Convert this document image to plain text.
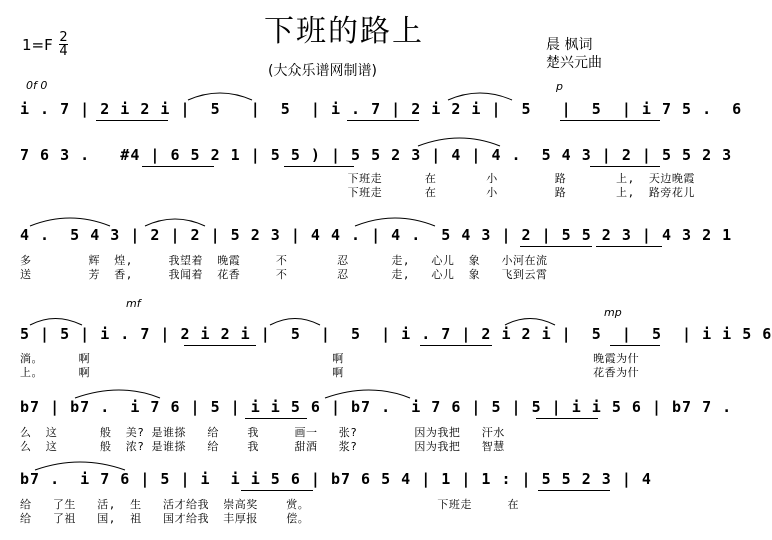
下班的路上
(大众乐谱网制谱)
1=F 2
4	晨 枫词
楚兴元曲
0f 0	p
mf
mp
i . 7 | 2 i 2 i |  5   |  5  | i . 7 | 2 i 2 i |  5   |  5  | i 7 5 .  6
7 6 3 .   #4 | 6 5 2 1 | 5 5 ) | 5 5 2 3 | 4 | 4 .  5 4 3 | 2 | 5 5 2 3
下班走      在       小        路       上,  天边晚霞
下班走      在       小        路       上,  路旁花儿
4 .  5 4 3 | 2 | 2 | 5 2 3 | 4 4 . | 4 .  5 4 3 | 2 | 5 5 2 3 | 4 3 2 1
多        辉  煌,     我望着  晚霞     不       忍      走,   心儿  象   小河在流
送        芳  香,     我闻着  花香     不       忍      走,   心儿  象   飞到云霄
5 | 5 | i . 7 | 2 i 2 i |  5  |  5  | i . 7 | 2 i 2 i |  5  |  5  | i i 5 6
淌。     啊                                  啊                                   晚霞为什
上。     啊                                  啊                                   花香为什
b7 | b7 .  i 7 6 | 5 | i i 5 6 | b7 .  i 7 6 | 5 | 5 | i i 5 6 | b7 7 .
么  这      般  美? 是谁搽   给    我     画一   张?        因为我把   汗水
么  这      般  浓? 是谁搽   给    我     甜酒   浆?        因为我把   智慧
b7 .  i 7 6 | 5 | i  i i 5 6 | b7 6 5 4 | 1 | 1 : | 5 5 2 3 | 4
给   了生   活,  生   活才给我  崇高奖    赏。                  下班走     在
给   了祖   国,  祖   国才给我  丰厚报    偿。
